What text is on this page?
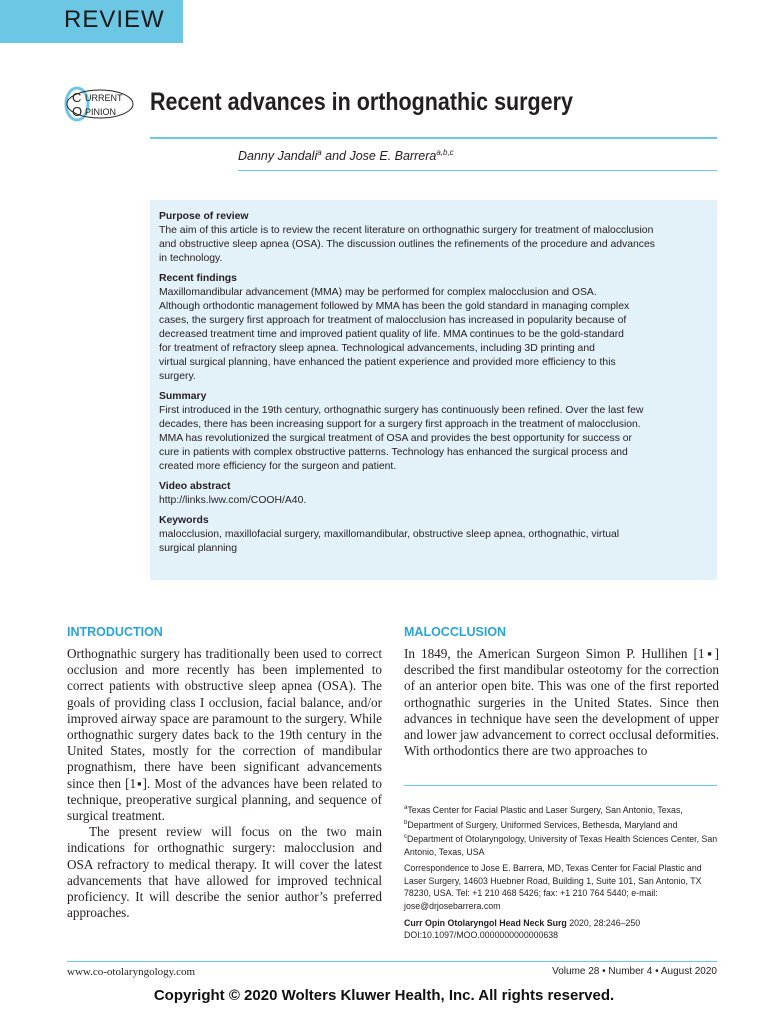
REVIEW
C URRENT
O PINION Recent advances in orthognathic surgery
Danny Jandali$^a$ and Jose E. Barrera$^{a,b,c}$
Purpose of review
The aim of this article is to review the recent literature on orthognathic surgery for treatment of malocclusion
and obstructive sleep apnea (OSA). The discussion outlines the refinements of the procedure and advances
in technology.
Recent findings
Maxillomandibular advancement (MMA) may be performed for complex malocclusion and OSA.
Although orthodontic management followed by MMA has been the gold standard in managing complex
cases, the surgery first approach for treatment of malocclusion has increased in popularity because of
decreased treatment time and improved patient quality of life. MMA continues to be the gold-standard
for treatment of refractory sleep apnea. Technological advancements, including 3D printing and
virtual surgical planning, have enhanced the patient experience and provided more efficiency to this
surgery.
Summary
First introduced in the 19th century, orthognathic surgery has continuously been refined. Over the last few
decades, there has been increasing support for a surgery first approach in the treatment of malocclusion.
MMA has revolutionized the surgical treatment of OSA and provides the best opportunity for success or
cure in patients with complex obstructive patterns. Technology has enhanced the surgical process and
created more efficiency for the surgeon and patient.
Video abstract
http://links.lww.com/COOH/A40.
Keywords
malocclusion, maxillofacial surgery, maxillomandibular, obstructive sleep apnea, orthognathic, virtual
surgical planning
INTRODUCTION

Orthognathic surgery has traditionally been used to correct occlusion and more recently has been implemented to correct patients with obstructive sleep apnea (OSA). The goals of providing class I occlusion, facial balance, and/or improved airway space are paramount to the surgery. While orthognathic surgery dates back to the 19th century in the United States, mostly for the correction of mandibular prognathism, there have been significant advancements since then [1▪]. Most of the advances have been related to technique, preoperative surgical planning, and sequence of surgical treatment.

The present review will focus on the two main indications for orthognathic surgery: malocclusion and OSA refractory to medical therapy. It will cover the latest advancements that have allowed for improved technical proficiency. It will describe the senior author’s preferred approaches.

MALOCCLUSION

In 1849, the American Surgeon Simon P. Hullihen [1▪] described the first mandibular osteotomy for the correction of an anterior open bite. This was one of the first reported orthognathic surgeries in the United States. Since then advances in technique have seen the development of upper and lower jaw advancement to correct occlusal deformities. With orthodontics there are two approaches to

$^a$Texas Center for Facial Plastic and Laser Surgery, San Antonio, Texas,
$^b$Department of Surgery, Uniformed Services, Bethesda, Maryland and
$^c$Department of Otolaryngology, University of Texas Health Sciences Center, San Antonio, Texas, USA

Correspondence to Jose E. Barrera, MD, Texas Center for Facial Plastic and Laser Surgery, 14603 Huebner Road, Building 1, Suite 101, San Antonio, TX 78230, USA. Tel: +1 210 468 5426; fax: +1 210 764 5440; e-mail: jose@drjosebarrera.com

Curr Opin Otolaryngol Head Neck Surg 2020, 28:246–250
DOI:10.1097/MOO.0000000000000638

www.co-otolaryngology.com	Volume 28 • Number 4 • August 2020
Copyright © 2020 Wolters Kluwer Health, Inc. All rights reserved.
